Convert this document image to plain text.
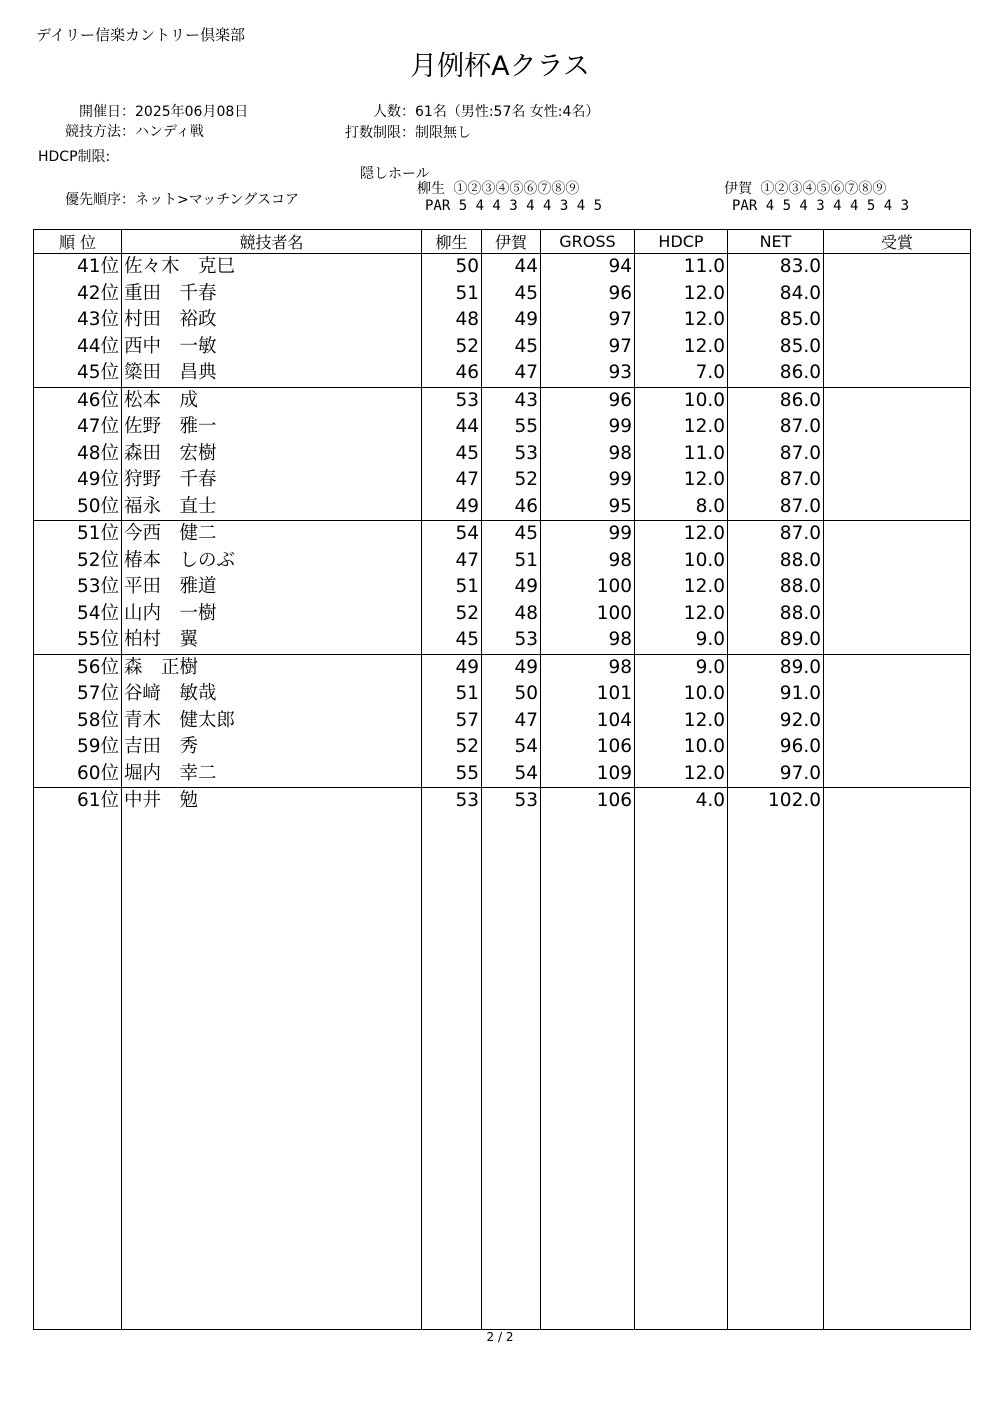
デイリー信楽カントリー倶楽部
月例杯Aクラス
開催日：2025年06月08日
競技方法：ハンディ戦
HDCP制限:
優先順序：ネット>マッチングスコア
人数：61名（男性:57名 女性:4名）
打数制限：制限無し
隠しホール
柳生 ①②③④⑤⑥⑦⑧⑨
PAR 5 4 4 3 4 4 3 4 5
伊賀 ①②③④⑤⑥⑦⑧⑨
PAR 4 5 4 3 4 4 5 4 3
順 位	競技者名	柳生	伊賀	GROSS	HDCP	NET	受賞
41位	佐々木　克巳	50	44	94	11.0	83.0	
42位	重田　千春	51	45	96	12.0	84.0	
43位	村田　裕政	48	49	97	12.0	85.0	
44位	西中　一敏	52	45	97	12.0	85.0	
45位	簗田　昌典	46	47	93	7.0	86.0	
46位	松本　成	53	43	96	10.0	86.0	
47位	佐野　雅一	44	55	99	12.0	87.0	
48位	森田　宏樹	45	53	98	11.0	87.0	
49位	狩野　千春	47	52	99	12.0	87.0	
50位	福永　直士	49	46	95	8.0	87.0	
51位	今西　健二	54	45	99	12.0	87.0	
52位	椿本　しのぶ	47	51	98	10.0	88.0	
53位	平田　雅道	51	49	100	12.0	88.0	
54位	山内　一樹	52	48	100	12.0	88.0	
55位	柏村　翼	45	53	98	9.0	89.0	
56位	森　正樹	49	49	98	9.0	89.0	
57位	谷﨑　敏哉	51	50	101	10.0	91.0	
58位	青木　健太郎	57	47	104	12.0	92.0	
59位	吉田　秀	52	54	106	10.0	96.0	
60位	堀内　幸二	55	54	109	12.0	97.0	
61位	中井　勉	53	53	106	4.0	102.0	

2 / 2
